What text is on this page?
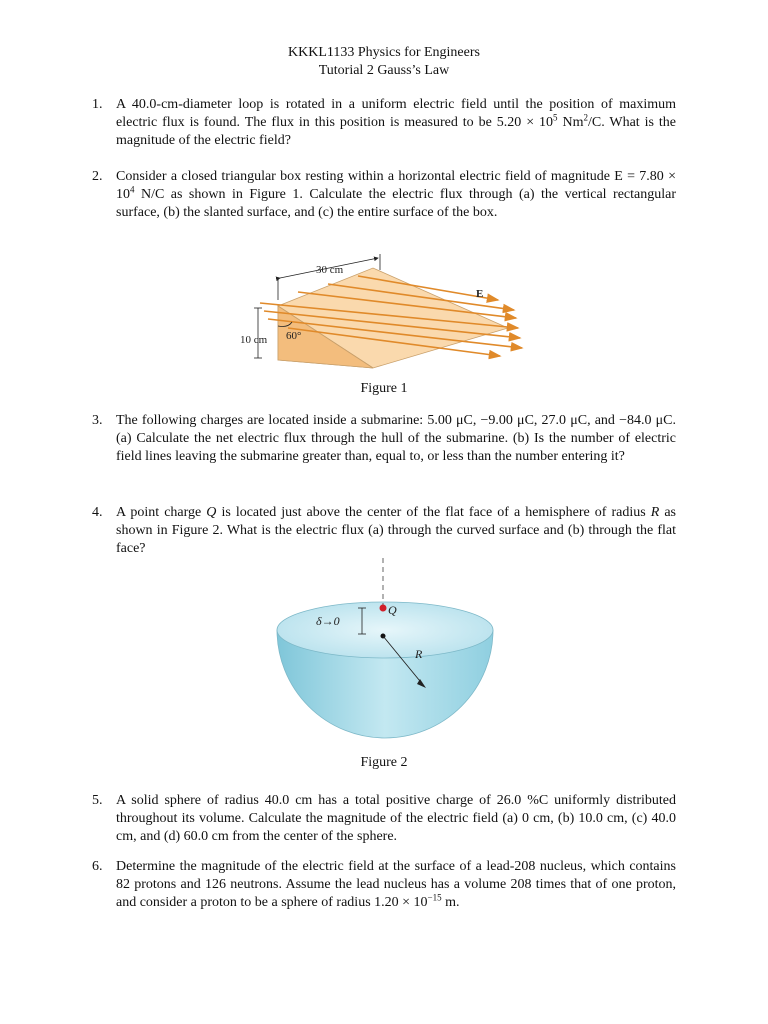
KKKL1133 Physics for Engineers
Tutorial 2 Gauss’s Law
1. A 40.0-cm-diameter loop is rotated in a uniform electric field until the position of maximum electric flux is found. The flux in this position is measured to be $5.20 \times 10^5$ Nm$^2$/C. What is the magnitude of the electric field?
2. Consider a closed triangular box resting within a horizontal electric field of magnitude $E = 7.80 \times 10^4$ N/C as shown in Figure 1. Calculate the electric flux through (a) the vertical rectangular surface, (b) the slanted surface, and (c) the entire surface of the box.
30 cm
10 cm 60°
E
Figure 1
3. The following charges are located inside a submarine: 5.00 μC, −9.00 μC, 27.0 μC, and −84.0 μC. (a) Calculate the net electric flux through the hull of the submarine. (b) Is the number of electric field lines leaving the submarine greater than, equal to, or less than the number entering it?
4. A point charge Q is located just above the center of the flat face of a hemisphere of radius R as shown in Figure 2. What is the electric flux (a) through the curved surface and (b) through the flat face?
δ→0
R
Q
Figure 2
5. A solid sphere of radius 40.0 cm has a total positive charge of 26.0 %C uniformly distributed throughout its volume. Calculate the magnitude of the electric field (a) 0 cm, (b) 10.0 cm, (c) 40.0 cm, and (d) 60.0 cm from the center of the sphere.
6. Determine the magnitude of the electric field at the surface of a lead-208 nucleus, which contains 82 protons and 126 neutrons. Assume the lead nucleus has a volume 208 times that of one proton, and consider a proton to be a sphere of radius $1.20 \times 10^{-15}$ m.
